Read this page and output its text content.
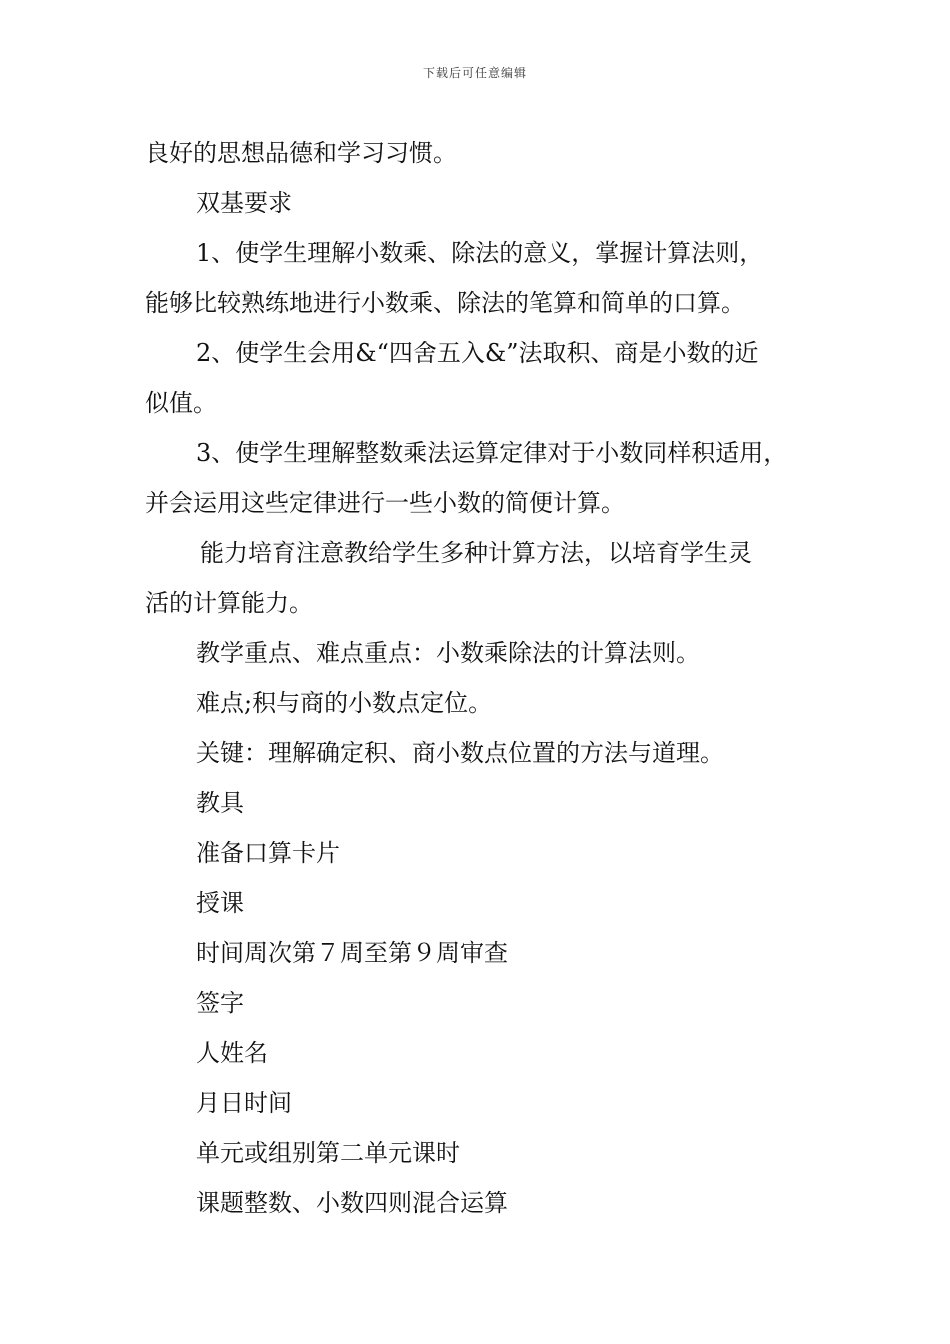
下载后可任意编辑

良好的思想品德和学习习惯。

双基要求

1、使学生理解小数乘、除法的意义，掌握计算法则，

能够比较熟练地进行小数乘、除法的笔算和简单的口算。

2、使学生会用&“四舍五入&”法取积、商是小数的近

似值。

3、使学生理解整数乘法运算定律对于小数同样积适用，

并会运用这些定律进行一些小数的简便计算。

能力培育注意教给学生多种计算方法，以培育学生灵

活的计算能力。

教学重点、难点重点：小数乘除法的计算法则。

难点;积与商的小数点定位。

关键：理解确定积、商小数点位置的方法与道理。

教具

准备口算卡片

授课

时间周次第７周至第９周审查

签字

人姓名

月日时间

单元或组别第二单元课时

课题整数、小数四则混合运算
